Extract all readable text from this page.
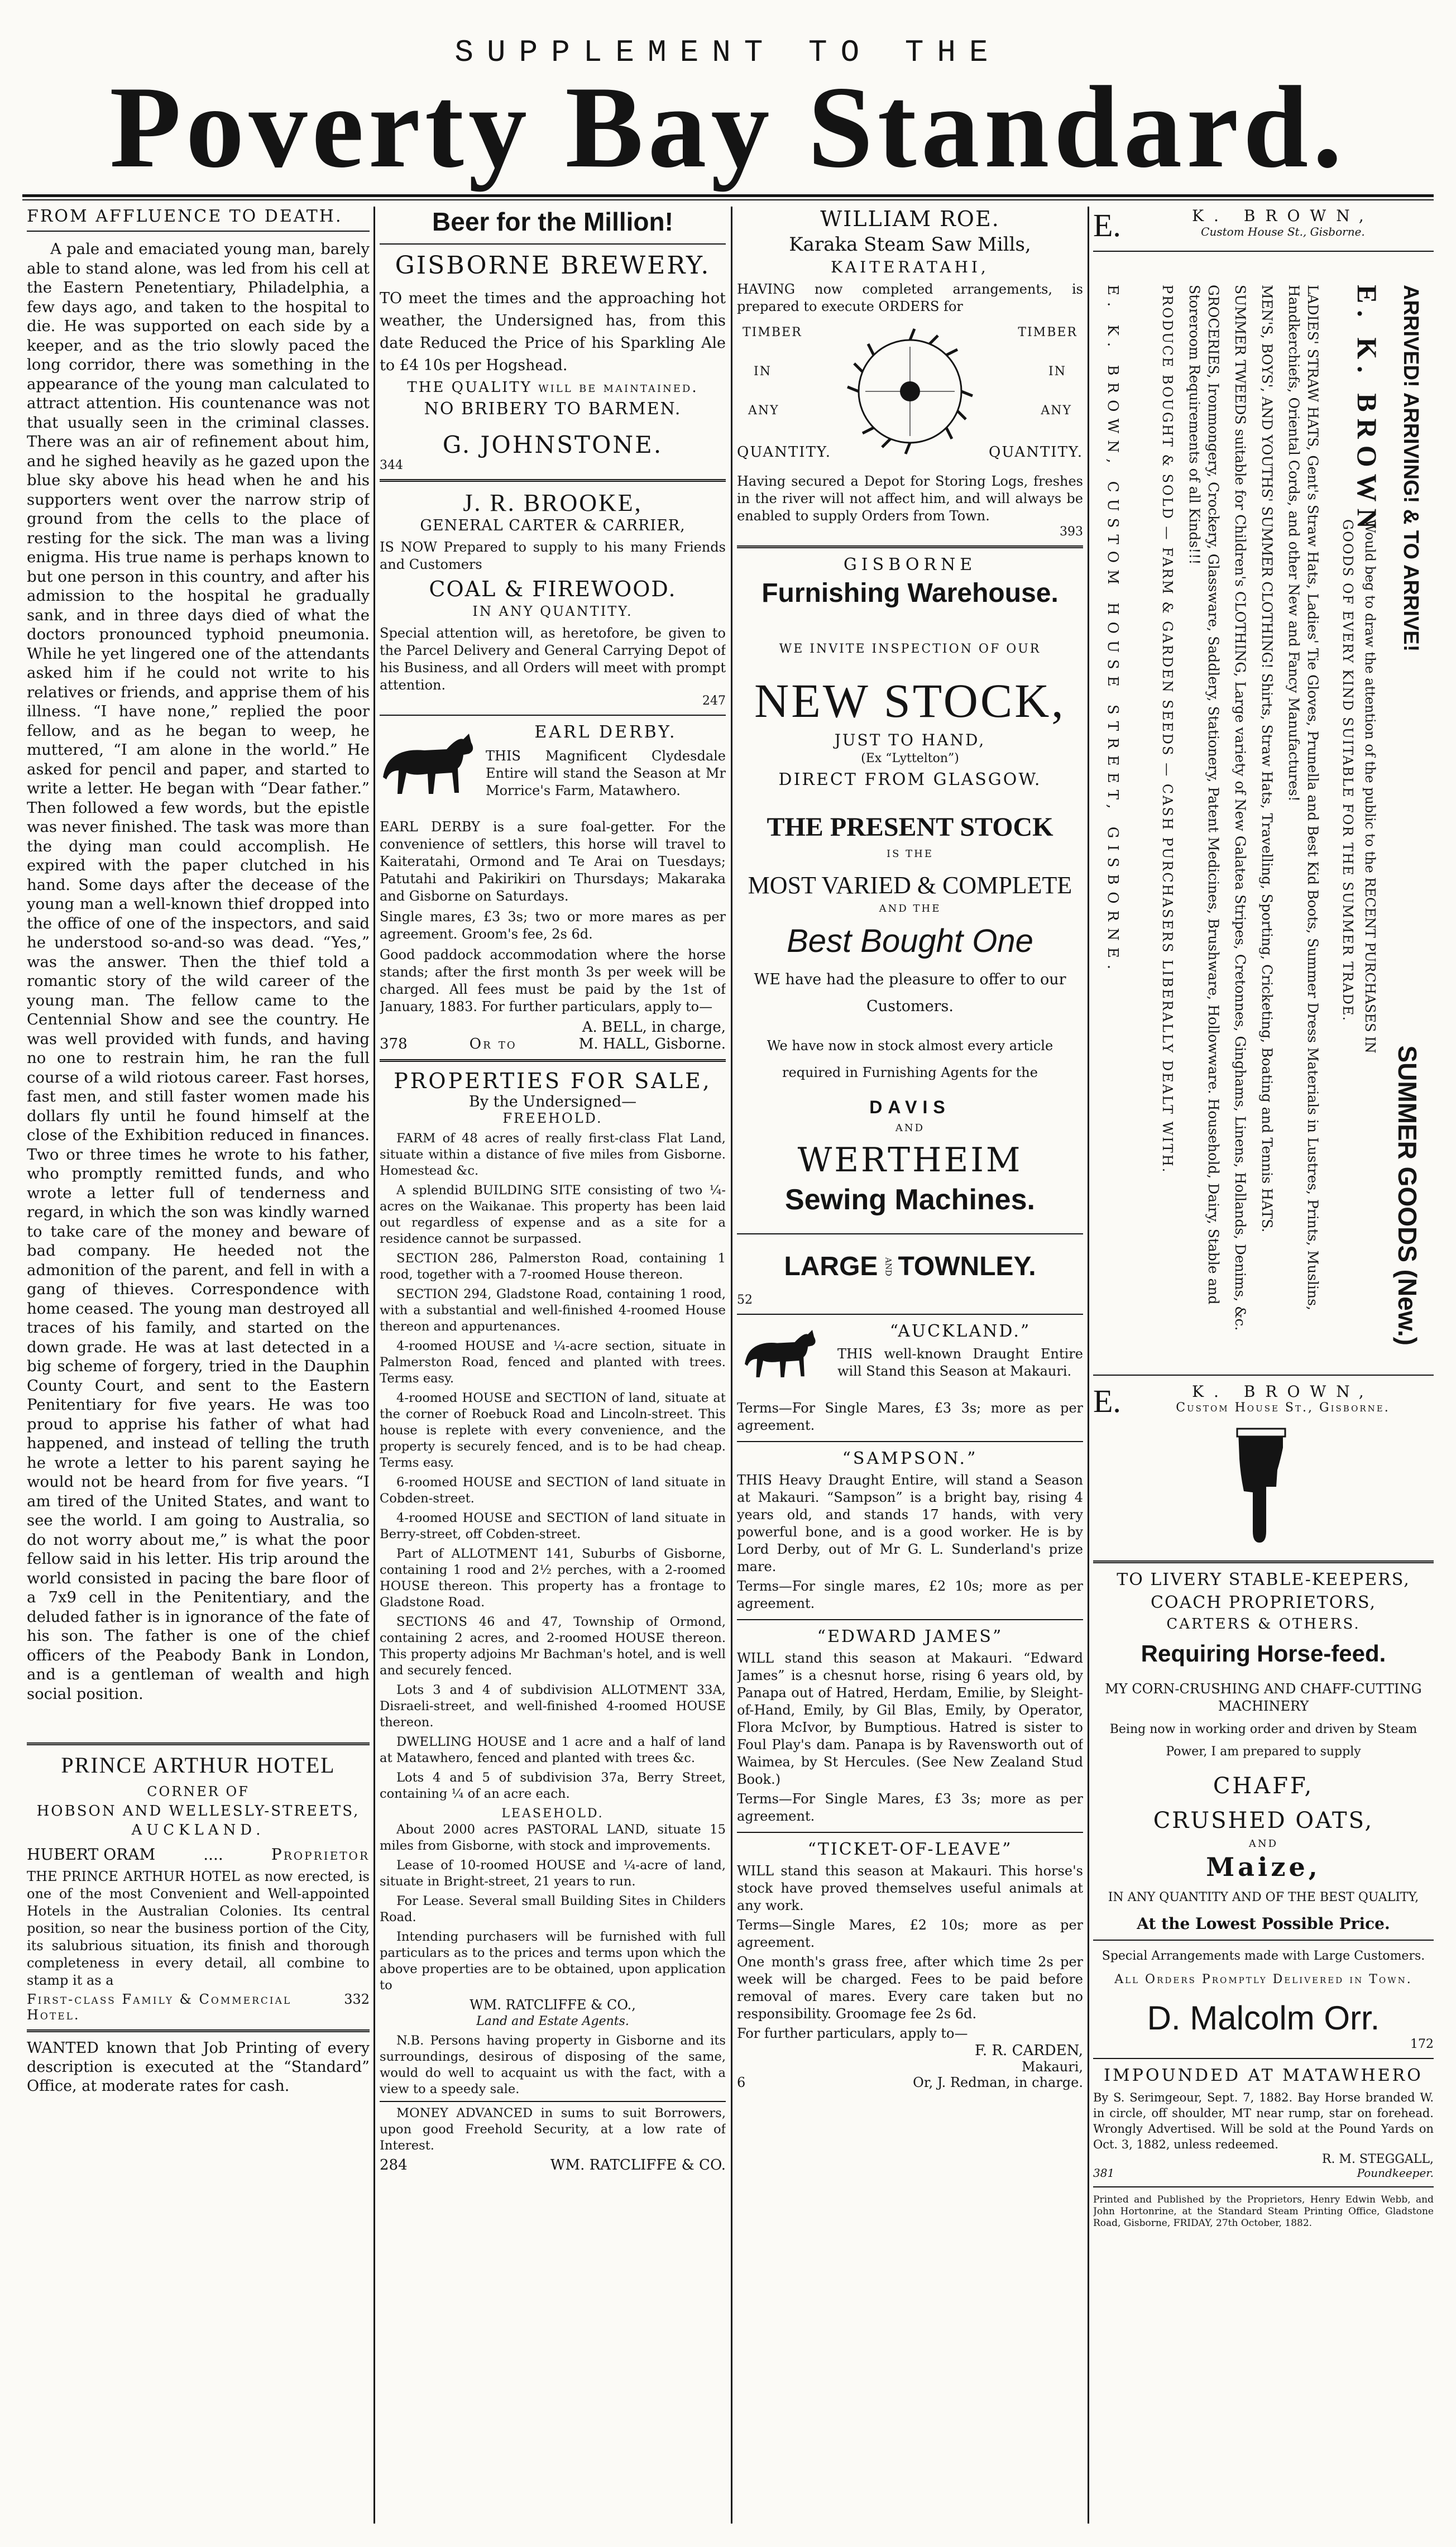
SUPPLEMENT TO THE
Poverty Bay Standard.
FROM AFFLUENCE TO DEATH.

A pale and emaciated young man, barely able to stand alone, was led from his cell at the Eastern Penetentiary, Philadelphia, a few days ago, and taken to the hospital to die. He was supported on each side by a keeper, and as the trio slowly paced the long corridor, there was something in the appearance of the young man calculated to attract attention. His countenance was not that usually seen in the criminal classes. There was an air of refinement about him, and he sighed heavily as he gazed upon the blue sky above his head when he and his supporters went over the narrow strip of ground from the cells to the place of resting for the sick. The man was a living enigma. His true name is perhaps known to but one person in this country, and after his admission to the hospital he gradually sank, and in three days died of what the doctors pronounced typhoid pneumonia. While he yet lingered one of the attendants asked him if he could not write to his relatives or friends, and apprise them of his illness. “I have none,” replied the poor fellow, and as he began to weep, he muttered, “I am alone in the world.” He asked for pencil and paper, and started to write a letter. He began with “Dear father.” Then followed a few words, but the epistle was never finished. The task was more than the dying man could accomplish. He expired with the paper clutched in his hand. Some days after the decease of the young man a well-known thief dropped into the office of one of the inspectors, and said he understood so-and-so was dead. “Yes,” was the answer. Then the thief told a romantic story of the wild career of the young man. The fellow came to the Centennial Show and see the country. He was well provided with funds, and having no one to restrain him, he ran the full course of a wild riotous career. Fast horses, fast men, and still faster women made his dollars fly until he found himself at the close of the Exhibition reduced in finances. Two or three times he wrote to his father, who promptly remitted funds, and who wrote a letter full of tenderness and regard, in which the son was kindly warned to take care of the money and beware of bad company. He heeded not the admonition of the parent, and fell in with a gang of thieves. Correspondence with home ceased. The young man destroyed all traces of his family, and started on the down grade. He was at last detected in a big scheme of forgery, tried in the Dauphin County Court, and sent to the Eastern Penitentiary for five years. He was too proud to apprise his father of what had happened, and instead of telling the truth he wrote a letter to his parent saying he would not be heard from for five years. “I am tired of the United States, and want to see the world. I am going to Australia, so do not worry about me,” is what the poor fellow said in his letter. His trip around the world consisted in pacing the bare floor of a 7x9 cell in the Penitentiary, and the deluded father is in ignorance of the fate of his son. The father is one of the chief officers of the Peabody Bank in London, and is a gentleman of wealth and high social position.

PRINCE ARTHUR HOTEL
CORNER OF
HOBSON AND WELLESLY-STREETS,
AUCKLAND.
HUBERT ORAM	....	Proprietor
THE PRINCE ARTHUR HOTEL as now erected, is one of the most Convenient and Well-appointed Hotels in the Australian Colonies. Its central position, so near the business portion of the City, its salubrious situation, its finish and thorough completeness in every detail, all combine to stamp it as a
First-class Family & Commercial Hotel.
332
WANTED known that Job Printing of every description is executed at the “Standard” Office, at moderate rates for cash.
Beer for the Million!
GISBORNE BREWERY.
TO meet the times and the approaching hot weather, the Undersigned has, from this date Reduced the Price of his Sparkling Ale to £4 10s per Hogshead.
THE QUALITY will be maintained.
NO BRIBERY TO BARMEN.
G. JOHNSTONE.
344
J. R. BROOKE,
GENERAL CARTER & CARRIER,
IS NOW Prepared to supply to his many Friends and Customers
COAL & FIREWOOD.
IN ANY QUANTITY.
Special attention will, as heretofore, be given to the Parcel Delivery and General Carrying Depot of his Business, and all Orders will meet with prompt attention.
247
EARL DERBY.
THIS Magnificent Clydesdale Entire will stand the Season at Mr Morrice's Farm, Matawhero.
EARL DERBY is a sure foal-getter. For the convenience of settlers, this horse will travel to Kaiteratahi, Ormond and Te Arai on Tuesdays; Patutahi and Pakirikiri on Thursdays; Makaraka and Gisborne on Saturdays.
Single mares, £3 3s; two or more mares as per agreement. Groom's fee, 2s 6d.
Good paddock accommodation where the horse stands; after the first month 3s per week will be charged. All fees must be paid by the 1st of January, 1883. For further particulars, apply to—
A. BELL, in charge,
378	Or to	M. HALL, Gisborne.
PROPERTIES FOR SALE,
By the Undersigned—
FREEHOLD.

FARM of 48 acres of really first-class Flat Land, situate within a distance of five miles from Gisborne. Homestead &c.

A splendid BUILDING SITE consisting of two ¼-acres on the Waikanae. This property has been laid out regardless of expense and as a site for a residence cannot be surpassed.

SECTION 286, Palmerston Road, containing 1 rood, together with a 7-roomed House thereon.

SECTION 294, Gladstone Road, containing 1 rood, with a substantial and well-finished 4-roomed House thereon and appurtenances.

4-roomed HOUSE and ¼-acre section, situate in Palmerston Road, fenced and planted with trees. Terms easy.

4-roomed HOUSE and SECTION of land, situate at the corner of Roebuck Road and Lincoln-street. This house is replete with every convenience, and the property is securely fenced, and is to be had cheap. Terms easy.

6-roomed HOUSE and SECTION of land situate in Cobden-street.

4-roomed HOUSE and SECTION of land situate in Berry-street, off Cobden-street.

Part of ALLOTMENT 141, Suburbs of Gisborne, containing 1 rood and 2½ perches, with a 2-roomed HOUSE thereon. This property has a frontage to Gladstone Road.

SECTIONS 46 and 47, Township of Ormond, containing 2 acres, and 2-roomed HOUSE thereon. This property adjoins Mr Bachman's hotel, and is well and securely fenced.

Lots 3 and 4 of subdivision ALLOTMENT 33A, Disraeli-street, and well-finished 4-roomed HOUSE thereon.

DWELLING HOUSE and 1 acre and a half of land at Matawhero, fenced and planted with trees &c.

Lots 4 and 5 of subdivision 37a, Berry Street, containing ¼ of an acre each.

LEASEHOLD.

About 2000 acres PASTORAL LAND, situate 15 miles from Gisborne, with stock and improvements.

Lease of 10-roomed HOUSE and ¼-acre of land, situate in Bright-street, 21 years to run.

For Lease. Several small Building Sites in Childers Road.

Intending purchasers will be furnished with full particulars as to the prices and terms upon which the above properties are to be obtained, upon application to

WM. RATCLIFFE & CO.,
Land and Estate Agents.

N.B. Persons having property in Gisborne and its surroundings, desirous of disposing of the same, would do well to acquaint us with the fact, with a view to a speedy sale.

MONEY ADVANCED in sums to suit Borrowers, upon good Freehold Security, at a low rate of Interest.

284	WM. RATCLIFFE & CO.
WILLIAM ROE.
Karaka Steam Saw Mills,
KAITERATAHI,
HAVING now completed arrangements, is prepared to execute ORDERS for
TIMBER	TIMBER
IN	IN
ANY	ANY
QUANTITY.	QUANTITY.
Having secured a Depot for Storing Logs, freshes in the river will not affect him, and will always be enabled to supply Orders from Town.
393
GISBORNE
Furnishing Warehouse.
WE INVITE INSPECTION OF OUR
NEW STOCK,
JUST TO HAND,
(Ex “Lyttelton”)
DIRECT FROM GLASGOW.
THE PRESENT STOCK
IS THE
MOST VARIED & COMPLETE
AND THE
Best Bought One
WE have had the pleasure to offer to our Customers.
We have now in stock almost every article required in Furnishing Agents for the
DAVIS
AND
WERTHEIM
Sewing Machines.
LARGE AND TOWNLEY.
52
“AUCKLAND.”
THIS well-known Draught Entire will Stand this Season at Makauri.
Terms—For Single Mares, £3 3s; more as per agreement.
“SAMPSON.”
THIS Heavy Draught Entire, will stand a Season at Makauri. “Sampson” is a bright bay, rising 4 years old, and stands 17 hands, with very powerful bone, and is a good worker. He is by Lord Derby, out of Mr G. L. Sunderland's prize mare.
Terms—For single mares, £2 10s; more as per agreement.
“EDWARD JAMES”
WILL stand this season at Makauri. “Edward James” is a chesnut horse, rising 6 years old, by Panapa out of Hatred, Herdam, Emilie, by Sleight-of-Hand, Emily, by Gil Blas, Emily, by Operator, Flora McIvor, by Bumptious. Hatred is sister to Foul Play's dam. Panapa is by Ravensworth out of Waimea, by St Hercules. (See New Zealand Stud Book.)
Terms—For Single Mares, £3 3s; more as per agreement.
“TICKET-OF-LEAVE”
WILL stand this season at Makauri. This horse's stock have proved themselves useful animals at any work.
Terms—Single Mares, £2 10s; more as per agreement.
One month's grass free, after which time 2s per week will be charged. Fees to be paid before removal of mares. Every care taken but no responsibility. Groomage fee 2s 6d.
For further particulars, apply to—
F. R. CARDEN,
Makauri,
6	Or, J. Redman, in charge.
E.	K. BROWN,
Custom House St., Gisborne.
ARRIVED! ARRIVING! & TO ARRIVE!
SUMMER GOODS (New.)
E. K. BROWN
Would beg to draw the attention of the public to the RECENT PURCHASES IN
GOODS OF EVERY KIND SUITABLE FOR THE SUMMER TRADE.
LADIES' STRAW HATS, Gent's Straw Hats, Ladies' Tie Gloves, Prunella and Best Kid Boots, Summer Dress Materials in Lustres, Prints, Muslins, Handkerchiefs, Oriental Cords, and other New and Fancy Manufactures!
MEN'S, BOYS', AND YOUTHS' SUMMER CLOTHING! Shirts, Straw Hats, Travelling, Sporting, Cricketing, Boating and Tennis HATS.
SUMMER TWEEDS suitable for Children's CLOTHING, Large variety of New Galatea Stripes, Cretonnes, Ginghams, Linens, Hollands, Denims, &c.
GROCERIES, Ironmongery, Crockery, Glassware, Saddlery, Stationery, Patent Medicines, Brushware, Hollowware. Household, Dairy, Stable and Storeroom Requirements of all Kinds!!!
PRODUCE BOUGHT & SOLD — FARM & GARDEN SEEDS — CASH PURCHASERS LIBERALLY DEALT WITH.
E. K. BROWN, CUSTOM HOUSE STREET, GISBORNE.
E.	K. BROWN,
Custom House St., Gisborne.
TO LIVERY STABLE-KEEPERS,
COACH PROPRIETORS,
CARTERS & OTHERS.
Requiring Horse-feed.
MY CORN-CRUSHING AND CHAFF-CUTTING MACHINERY
Being now in working order and driven by Steam Power, I am prepared to supply
CHAFF,
CRUSHED OATS,
AND
Maize,
IN ANY QUANTITY AND OF THE BEST QUALITY,
At the Lowest Possible Price.
Special Arrangements made with Large Customers.
All Orders Promptly Delivered in Town.
D. Malcolm Orr.
172
IMPOUNDED AT MATAWHERO
By S. Serimgeour, Sept. 7, 1882. Bay Horse branded W. in circle, off shoulder, MT near rump, star on forehead. Wrongly Advertised. Will be sold at the Pound Yards on Oct. 3, 1882, unless redeemed.
R. M. STEGGALL,
381	Poundkeeper.
Printed and Published by the Proprietors, Henry Edwin Webb, and John Hortonrine, at the Standard Steam Printing Office, Gladstone Road, Gisborne, FRIDAY, 27th October, 1882.
